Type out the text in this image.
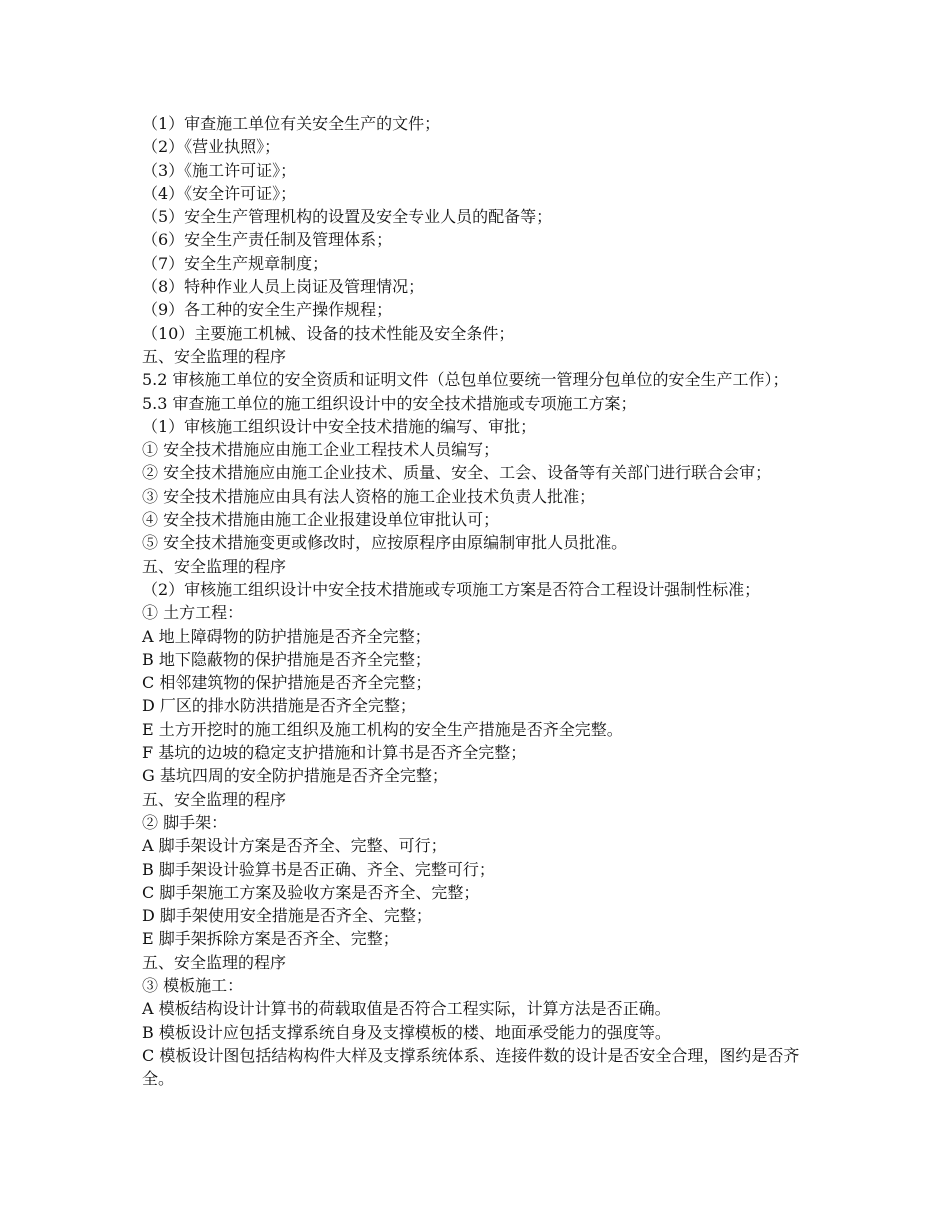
（1）审查施工单位有关安全生产的文件；
（2）《营业执照》；
（3）《施工许可证》；
（4）《安全许可证》；
（5）安全生产管理机构的设置及安全专业人员的配备等；
（6）安全生产责任制及管理体系；
（7）安全生产规章制度；
（8）特种作业人员上岗证及管理情况；
（9）各工种的安全生产操作规程；
（10）主要施工机械、设备的技术性能及安全条件；
五、安全监理的程序
5.2 审核施工单位的安全资质和证明文件（总包单位要统一管理分包单位的安全生产工作）；
5.3 审查施工单位的施工组织设计中的安全技术措施或专项施工方案；
（1）审核施工组织设计中安全技术措施的编写、审批；
① 安全技术措施应由施工企业工程技术人员编写；
② 安全技术措施应由施工企业技术、质量、安全、工会、设备等有关部门进行联合会审；
③ 安全技术措施应由具有法人资格的施工企业技术负责人批准；
④ 安全技术措施由施工企业报建设单位审批认可；
⑤ 安全技术措施变更或修改时，应按原程序由原编制审批人员批准。
五、安全监理的程序
（2）审核施工组织设计中安全技术措施或专项施工方案是否符合工程设计强制性标准；
① 土方工程：
A 地上障碍物的防护措施是否齐全完整；
B 地下隐蔽物的保护措施是否齐全完整；
C 相邻建筑物的保护措施是否齐全完整；
D 厂区的排水防洪措施是否齐全完整；
E 土方开挖时的施工组织及施工机构的安全生产措施是否齐全完整。
F 基坑的边坡的稳定支护措施和计算书是否齐全完整；
G 基坑四周的安全防护措施是否齐全完整；
五、安全监理的程序
② 脚手架：
A 脚手架设计方案是否齐全、完整、可行；
B 脚手架设计验算书是否正确、齐全、完整可行；
C 脚手架施工方案及验收方案是否齐全、完整；
D 脚手架使用安全措施是否齐全、完整；
E 脚手架拆除方案是否齐全、完整；
五、安全监理的程序
③ 模板施工：
A 模板结构设计计算书的荷载取值是否符合工程实际，计算方法是否正确。
B 模板设计应包括支撑系统自身及支撑模板的楼、地面承受能力的强度等。
C 模板设计图包括结构构件大样及支撑系统体系、连接件数的设计是否安全合理，图约是否齐全。
